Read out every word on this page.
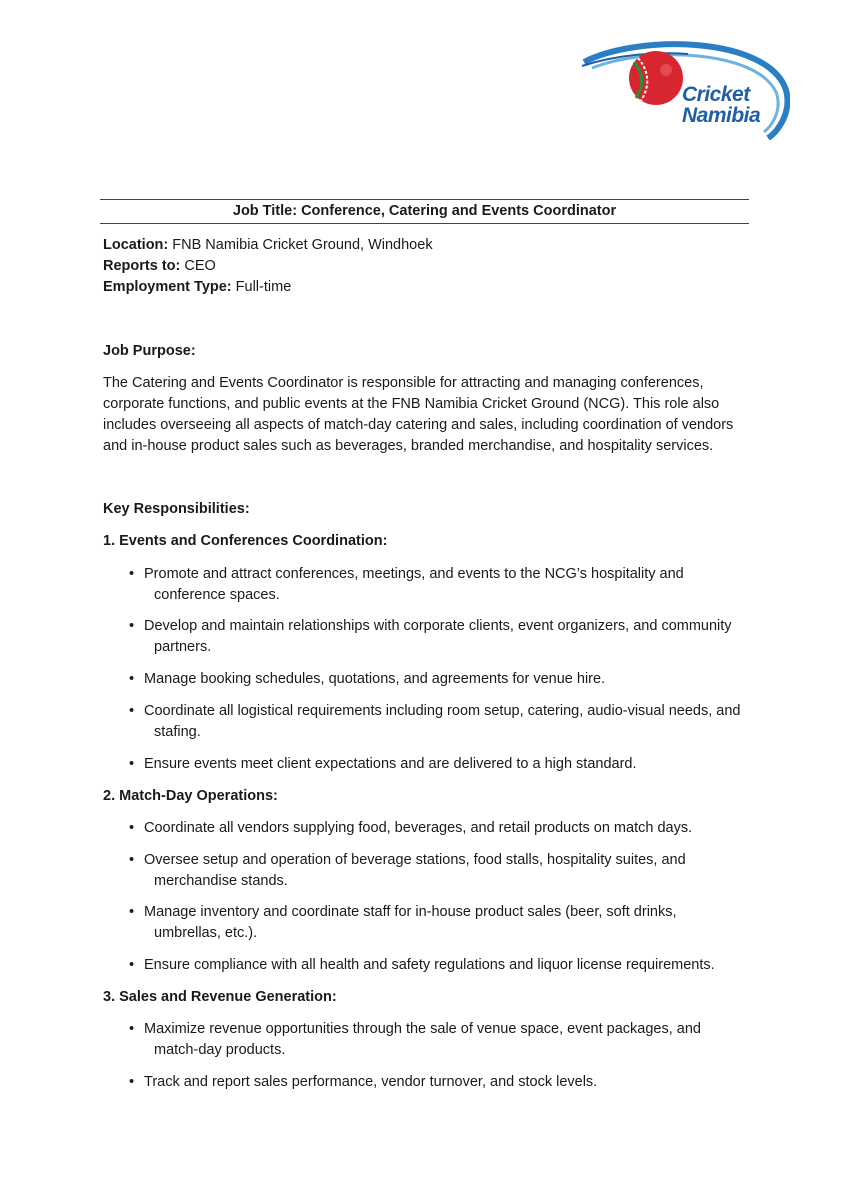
Cricket
Namibia
Job Title: Conference, Catering and Events Coordinator
Location: FNB Namibia Cricket Ground, Windhoek
Reports to: CEO
Employment Type: Full-time
Job Purpose:
The Catering and Events Coordinator is responsible for attracting and managing conferences,
corporate functions, and public events at the FNB Namibia Cricket Ground (NCG). This role also
includes overseeing all aspects of match-day catering and sales, including coordination of vendors
and in-house product sales such as beverages, branded merchandise, and hospitality services.
Key Responsibilities:
1. Events and Conferences Coordination:
• Promote and attract conferences, meetings, and events to the NCG’s hospitality and
conference spaces.
• Develop and maintain relationships with corporate clients, event organizers, and community
partners.
• Manage booking schedules, quotations, and agreements for venue hire.
• Coordinate all logistical requirements including room setup, catering, audio-visual needs, and
stafing.
• Ensure events meet client expectations and are delivered to a high standard.
2. Match-Day Operations:
• Coordinate all vendors supplying food, beverages, and retail products on match days.
• Oversee setup and operation of beverage stations, food stalls, hospitality suites, and
merchandise stands.
• Manage inventory and coordinate staff for in-house product sales (beer, soft drinks,
umbrellas, etc.).
• Ensure compliance with all health and safety regulations and liquor license requirements.
3. Sales and Revenue Generation:
• Maximize revenue opportunities through the sale of venue space, event packages, and
match-day products.
• Track and report sales performance, vendor turnover, and stock levels.
